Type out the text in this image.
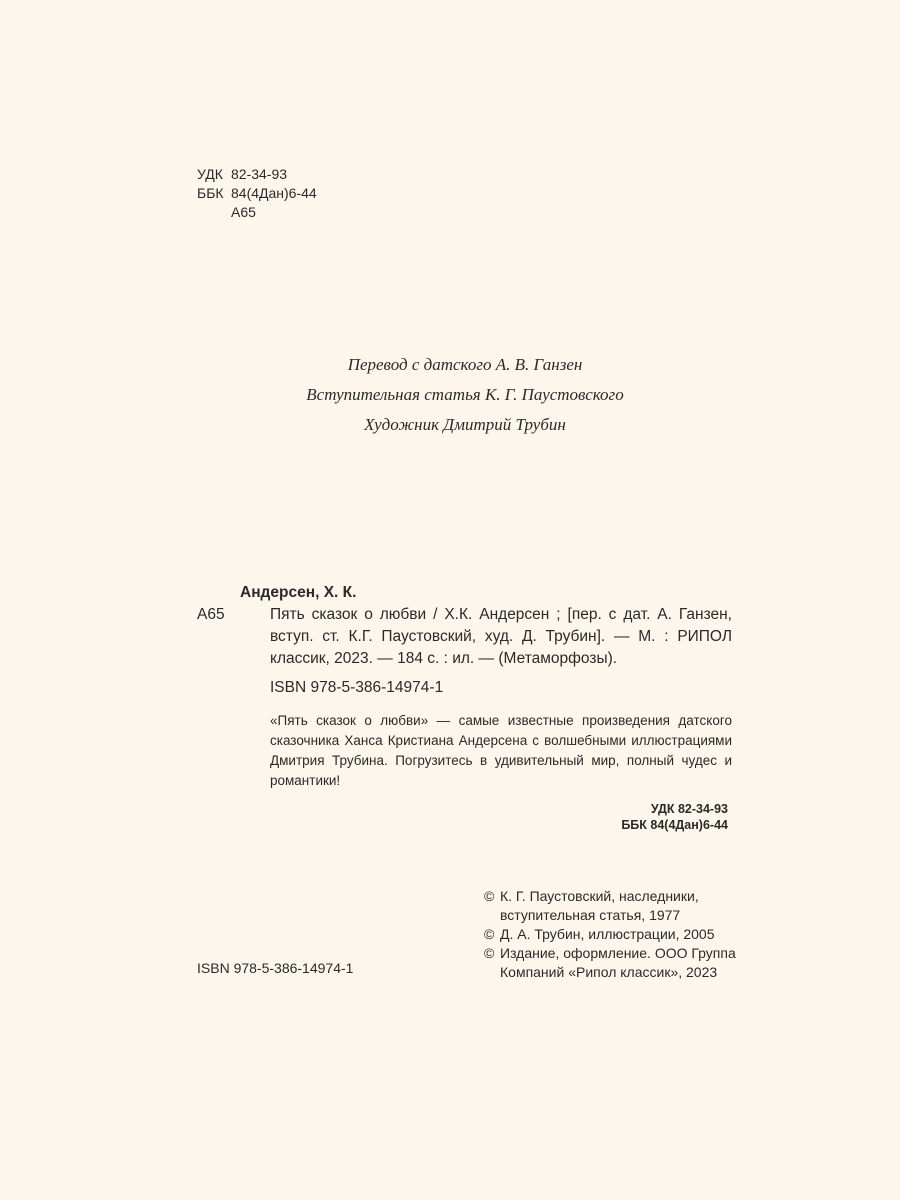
УДК 82-34-93
ББК 84(4Дан)6-44
А65
Перевод с датского А. В. Ганзен
Вступительная статья К. Г. Паустовского
Художник Дмитрий Трубин
Андерсен, Х. К.
А65	Пять сказок о любви / Х.К. Андерсен ; [пер. с дат. А. Ганзен, вступ. ст. К.Г. Паустовский, худ. Д. Трубин]. — М. : РИПОЛ классик, 2023. — 184 с. : ил. — (Метаморфозы).
ISBN 978-5-386-14974-1
«Пять сказок о любви» — самые известные произведения датского сказочника Ханса Кристиана Андерсена с волшебными иллюстрациями Дмитрия Трубина. Погрузитесь в удивительный мир, полный чудес и романтики!
УДК 82-34-93
ББК 84(4Дан)6-44
© К. Г. Паустовский, наследники,
вступительная статья, 1977
© Д. А. Трубин, иллюстрации, 2005
© Издание, оформление. ООО Группа
Компаний «Рипол классик», 2023
ISBN 978-5-386-14974-1
